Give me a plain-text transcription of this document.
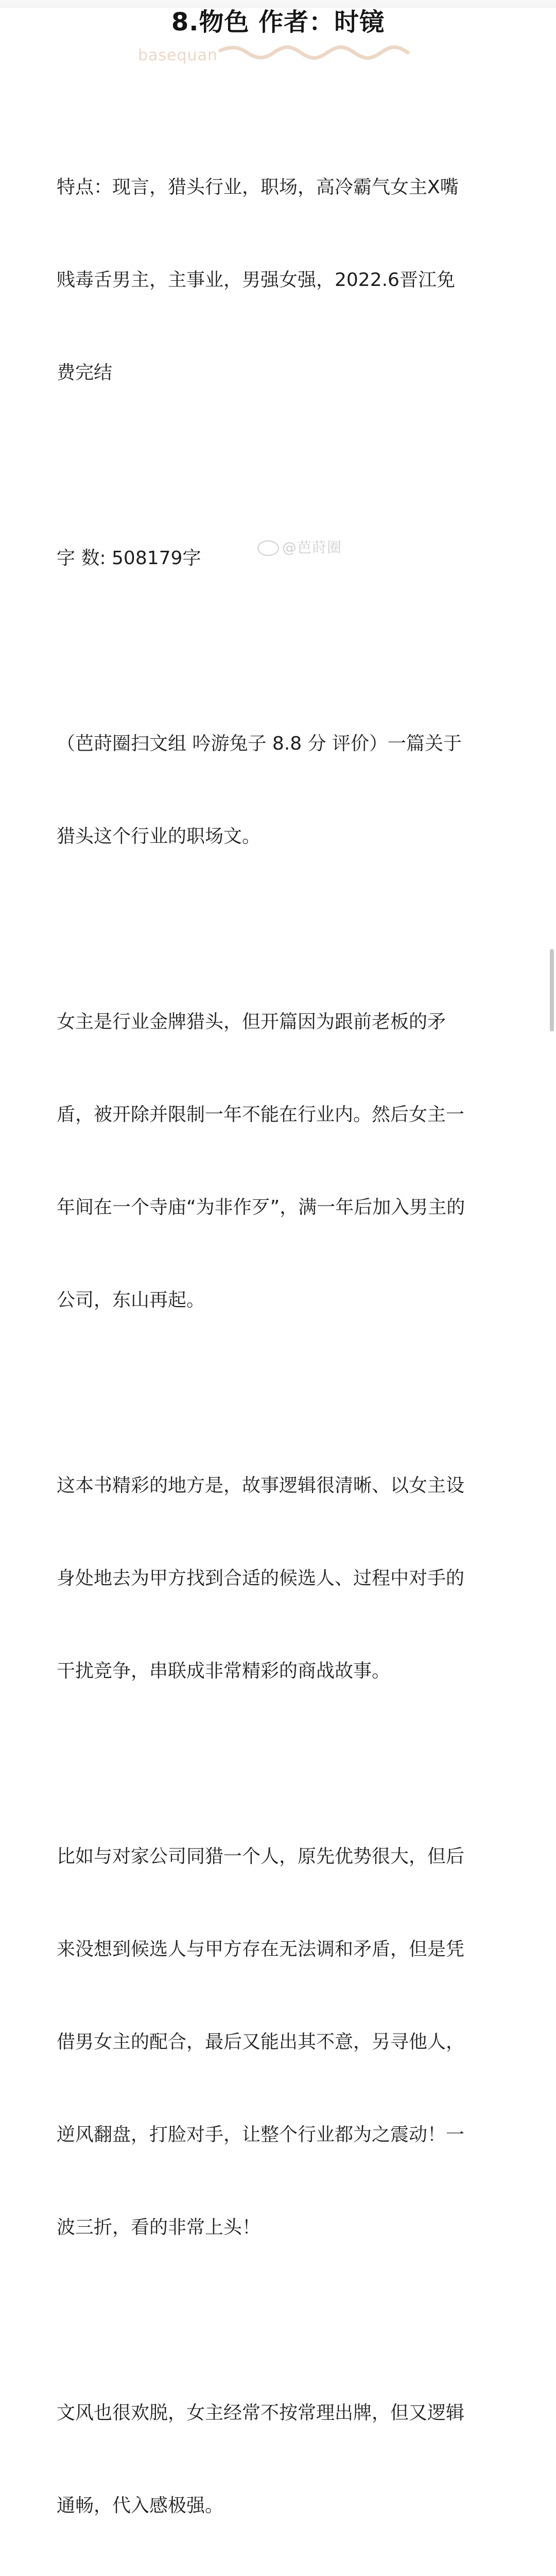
8.物色 作者：时镜
basequan

特点：现言，猎头行业，职场，高冷霸气女主X嘴

贱毒舌男主，主事业，男强女强，2022.6晋江免

费完结

字 数: 508179字

（芭莳圈扫文组 吟游兔子 8.8 分 评价）一篇关于

猎头这个行业的职场文。

女主是行业金牌猎头，但开篇因为跟前老板的矛

盾，被开除并限制一年不能在行业内。然后女主一

年间在一个寺庙“为非作歹”，满一年后加入男主的

公司，东山再起。

这本书精彩的地方是，故事逻辑很清晰、以女主设

身处地去为甲方找到合适的候选人、过程中对手的

干扰竞争，串联成非常精彩的商战故事。

比如与对家公司同猎一个人，原先优势很大，但后

来没想到候选人与甲方存在无法调和矛盾，但是凭

借男女主的配合，最后又能出其不意，另寻他人，

逆风翻盘，打脸对手，让整个行业都为之震动！一

波三折，看的非常上头！

文风也很欢脱，女主经常不按常理出牌，但又逻辑

通畅，代入感极强。

@芭莳圈
